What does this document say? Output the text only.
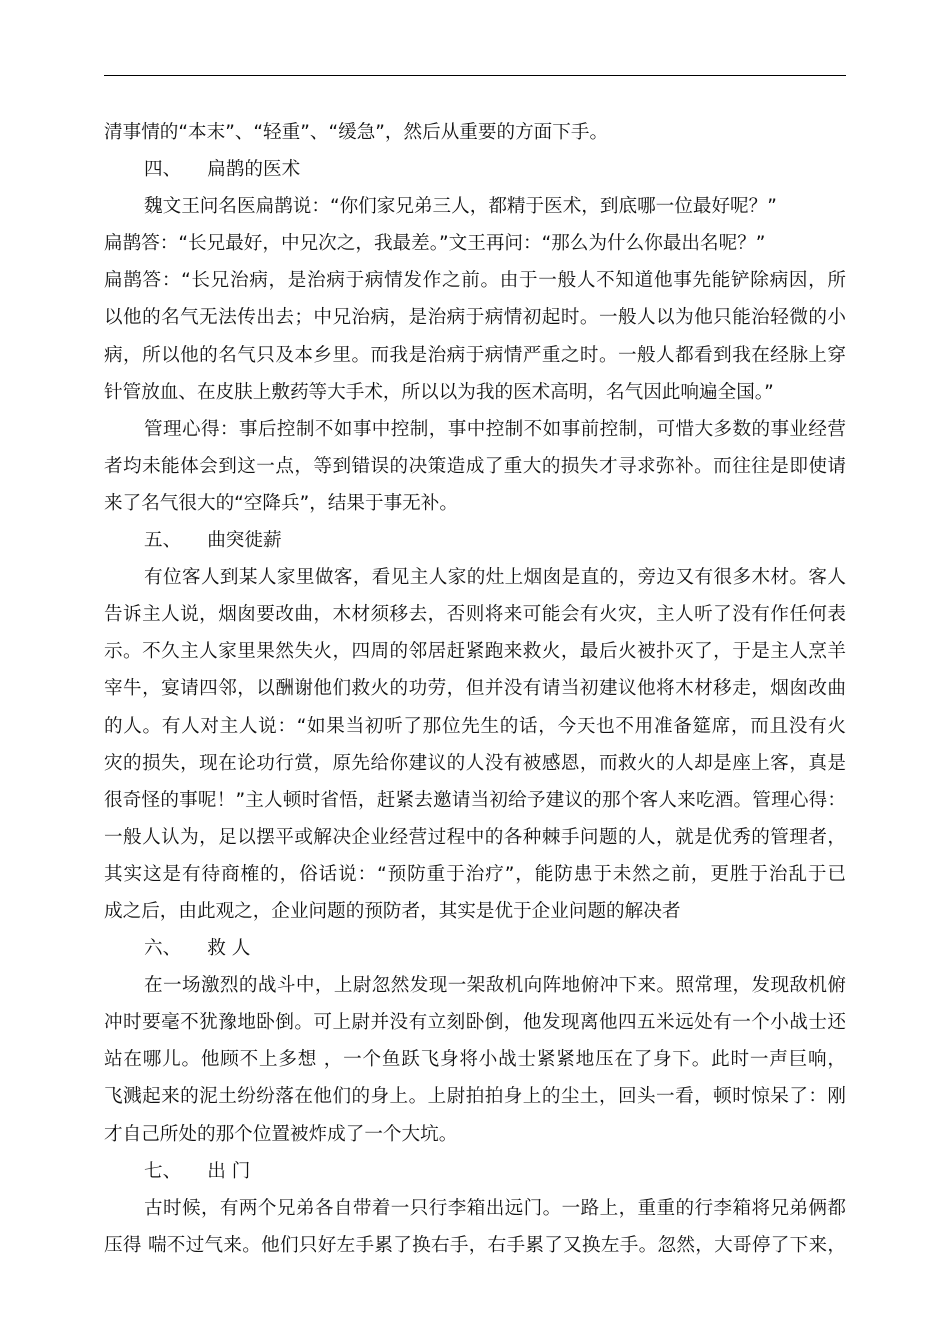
清事情的“本末”、“轻重”、“缓急”，然后从重要的方面下手。
四、 扁鹊的医术
魏文王问名医扁鹊说：“你们家兄弟三人，都精于医术，到底哪一位最好呢？”
扁鹊答：“长兄最好，中兄次之，我最差。”文王再问：“那么为什么你最出名呢？”
扁鹊答：“长兄治病，是治病于病情发作之前。由于一般人不知道他事先能铲除病因，所
以他的名气无法传出去；中兄治病，是治病于病情初起时。一般人以为他只能治轻微的小
病，所以他的名气只及本乡里。而我是治病于病情严重之时。一般人都看到我在经脉上穿
针管放血、在皮肤上敷药等大手术，所以以为我的医术高明，名气因此响遍全国。”
管理心得：事后控制不如事中控制，事中控制不如事前控制，可惜大多数的事业经营
者均未能体会到这一点，等到错误的决策造成了重大的损失才寻求弥补。而往往是即使请
来了名气很大的“空降兵”，结果于事无补。
五、 曲突徙薪
有位客人到某人家里做客，看见主人家的灶上烟囱是直的，旁边又有很多木材。客人
告诉主人说，烟囱要改曲，木材须移去，否则将来可能会有火灾，主人听了没有作任何表
示。不久主人家里果然失火，四周的邻居赶紧跑来救火，最后火被扑灭了，于是主人烹羊
宰牛，宴请四邻，以酬谢他们救火的功劳，但并没有请当初建议他将木材移走，烟囱改曲
的人。有人对主人说：“如果当初听了那位先生的话，今天也不用准备筵席，而且没有火
灾的损失，现在论功行赏，原先给你建议的人没有被感恩，而救火的人却是座上客，真是
很奇怪的事呢！”主人顿时省悟，赶紧去邀请当初给予建议的那个客人来吃酒。管理心得：
一般人认为，足以摆平或解决企业经营过程中的各种棘手问题的人，就是优秀的管理者，
其实这是有待商榷的，俗话说：“预防重于治疗”，能防患于未然之前，更胜于治乱于已
成之后，由此观之，企业问题的预防者，其实是优于企业问题的解决者
六、 救 人
在一场激烈的战斗中，上尉忽然发现一架敌机向阵地俯冲下来。照常理，发现敌机俯
冲时要毫不犹豫地卧倒。可上尉并没有立刻卧倒，他发现离他四五米远处有一个小战士还
站在哪儿。他顾不上多想 ，一个鱼跃飞身将小战士紧紧地压在了身下。此时一声巨响，
飞溅起来的泥土纷纷落在他们的身上。上尉拍拍身上的尘土，回头一看，顿时惊呆了：刚
才自己所处的那个位置被炸成了一个大坑。
七、 出 门
古时候，有两个兄弟各自带着一只行李箱出远门。一路上，重重的行李箱将兄弟俩都
压得 喘不过气来。他们只好左手累了换右手，右手累了又换左手。忽然，大哥停了下来，
